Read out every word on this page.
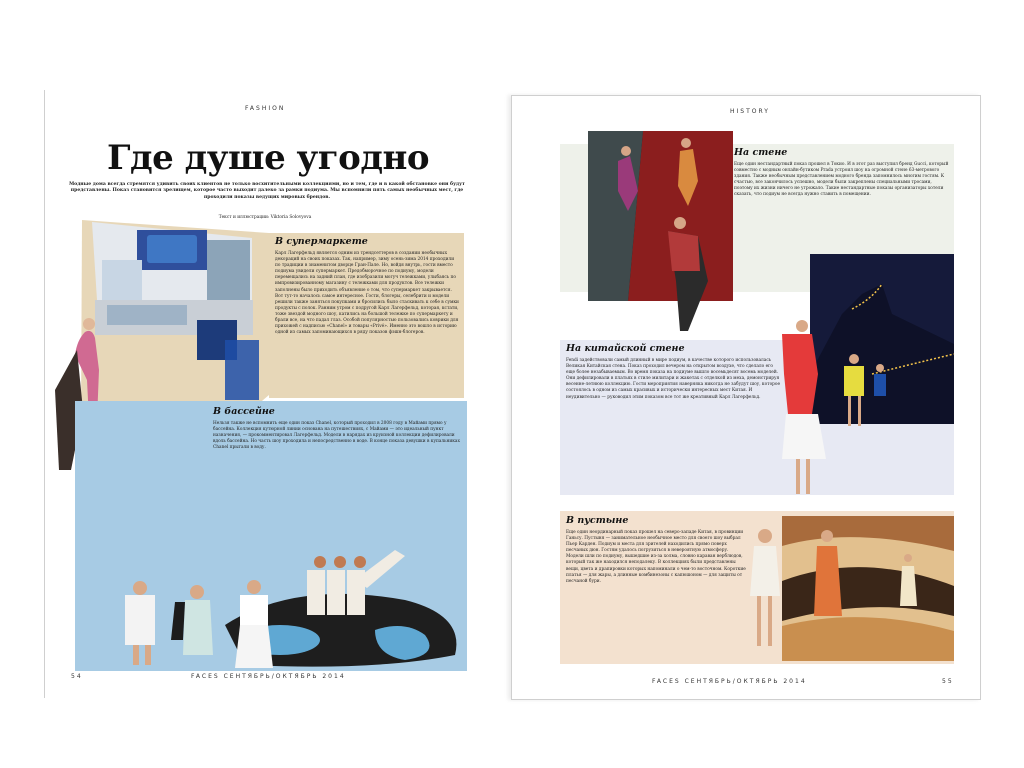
FASHION
Где душе угодно
Модные дома всегда стремятся удивить своих клиентов не только восхитительными коллекциями, но и тем, где и в какой обстановке они будут представлены. Показ становится зрелищем, которое часто выходит далеко за рамки подиума. Мы вспомнили пять самых необычных мест, где проходили показы ведущих мировых брендов.
Текст и иллюстрации: Viktoria Solovyova
В супермаркете

Карл Лагерфельд является одним из трендсеттеров в создании необычных декораций на своих показах. Так, например, зиму осень-зима 2014 проходили по традиции в знаменитом дворце Гран-Пале. Но, войдя внутрь, гости вместо подиума увидели супермаркет. Предобморочное по подиуму, модели перемещались на задний план, где изобразили могуч тележками, улыбаясь по импровизированному магазину с тележками для продуктов. Все тележки заполнены было приходить объявление о том, что супермаркет закрывается. Вот тут-то началось самое интересное. Гости, блогеры, селебрити и модели решили также заняться покупками и бросились было стаскивать к себе в сумки продукты с полок. Ранним утром с подругой Карл Лагерфельд, которая, кстати, тоже звездой модного шоу, катились на большой тележке по супермаркету и брали все, на что падал глаз. Особой популярностью пользовались коврики для прихожей с надписью «Chanel» и товары «Privé». Именно это вошло в историю одной из самых запоминающихся в ряду показов фэшн-блогеров.

В бассейне

Нельзя также не вспомнить еще один показ Chanel, который проходил в 2008 году в Майами прямо у бассейна. Коллекция кутюрной линии основана на путешествиях, с Майами — это идеальный пункт назначения, — прокомментировал Лагерфельд. Модели в нарядах из круизной коллекции дефилировали вдоль бассейна. Но часть шоу проходила и непосредственно в воде. В конце показа девушки в купальниках Chanel прыгали в воду.

54	FACES СЕНТЯБРЬ/ОКТЯБРЬ 2014
HISTORY
На стене

Еще один нестандартный показ прошел в Токио. И в этот раз выступил бренд Gucci, который совместно с модным онлайн-бутиком Prada устроил шоу на огромной стене 63-метрового здания. Также необычным представлением модного бренда запомнилось многим гостям. К счастью, все закончилось успешно, модели были закреплены специальными тросами, поэтому их жизни ничего не угрожало. Такие нестандартные показы организаторы хотели сказать, что подиум не всегда нужно ставить в помещении.

На китайской стене

Fendi задействовали самый длинный в мире подиум, в качестве которого использовалась Великая Китайская стена. Показ проходил вечером на открытом воздухе, что сделало его еще более незабываемым. Во время показа на подиуме вышло восемьдесят восемь моделей. Они дефилировали в платьях в стиле милитари и жакетах с отделкой из меха, демонстрируя весенне-летнюю коллекцию. Гости мероприятия наверняка никогда не забудут шоу, которое состоялось в одном из самых красивых и исторически интересных мест Китая. И неудивительно — руководил этим показом все тот же креативный Карл Лагерфельд.

В пустыне

Еще один неординарный показ прошел на северо-западе Китая, в провинции Ганьсу. Пустыня — занимательное необычное место для своего шоу выбрал Пьер Карден. Подиум и места для зрителей находились прямо поверх песчаных дюн. Гостям удалось погрузиться в невероятную атмосферу. Модели шли по подиуму, вышедшие из-за холма, словно караван верблюдов, который так же находился неподалеку. В коллекциях были представлены вещи, цвета и драпировки которых напоминали о чем-то восточном. Короткие платья — для жары, а длинные комбинезоны с капюшоном — для защиты от песчаной бури.

FACES СЕНТЯБРЬ/ОКТЯБРЬ 2014	55
